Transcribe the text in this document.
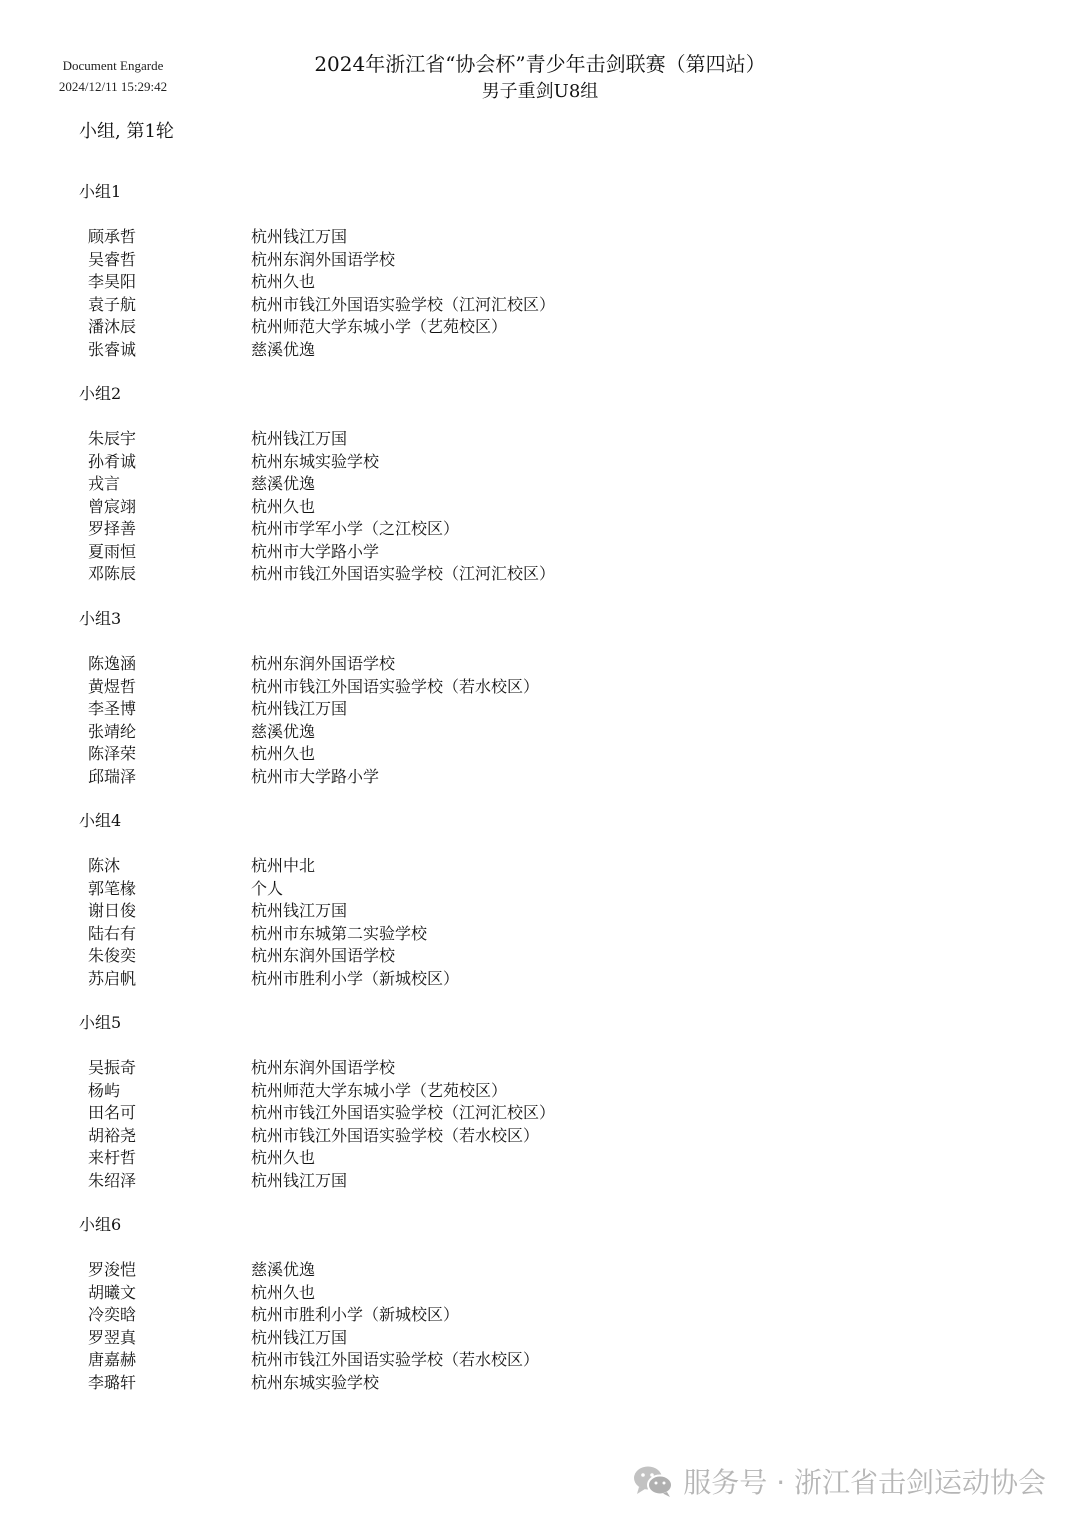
Document Engarde
2024/12/11 15:29:42
2024年浙江省“协会杯”青少年击剑联赛（第四站）
男子重剑U8组
小组, 第1轮
小组1
顾承哲	杭州钱江万国
吴睿哲	杭州东润外国语学校
李昊阳	杭州久也
袁子航	杭州市钱江外国语实验学校（江河汇校区）
潘沐辰	杭州师范大学东城小学（艺苑校区）
张睿诚	慈溪优逸
小组2
朱辰宇	杭州钱江万国
孙肴诚	杭州东城实验学校
戎言	慈溪优逸
曾宸翊	杭州久也
罗择善	杭州市学军小学（之江校区）
夏雨恒	杭州市大学路小学
邓陈辰	杭州市钱江外国语实验学校（江河汇校区）
小组3
陈逸涵	杭州东润外国语学校
黄煜哲	杭州市钱江外国语实验学校（若水校区）
李圣博	杭州钱江万国
张靖纶	慈溪优逸
陈泽荣	杭州久也
邱瑞泽	杭州市大学路小学
小组4
陈沐	杭州中北
郭笔椽	个人
谢日俊	杭州钱江万国
陆右有	杭州市东城第二实验学校
朱俊奕	杭州东润外国语学校
苏启帆	杭州市胜利小学（新城校区）
小组5
吴振奇	杭州东润外国语学校
杨屿	杭州师范大学东城小学（艺苑校区）
田名可	杭州市钱江外国语实验学校（江河汇校区）
胡裕尧	杭州市钱江外国语实验学校（若水校区）
来杅哲	杭州久也
朱绍泽	杭州钱江万国
小组6
罗浚恺	慈溪优逸
胡曦文	杭州久也
冷奕晗	杭州市胜利小学（新城校区）
罗翌真	杭州钱江万国
唐嘉赫	杭州市钱江外国语实验学校（若水校区）
李璐轩	杭州东城实验学校
服务号 · 浙江省击剑运动协会
